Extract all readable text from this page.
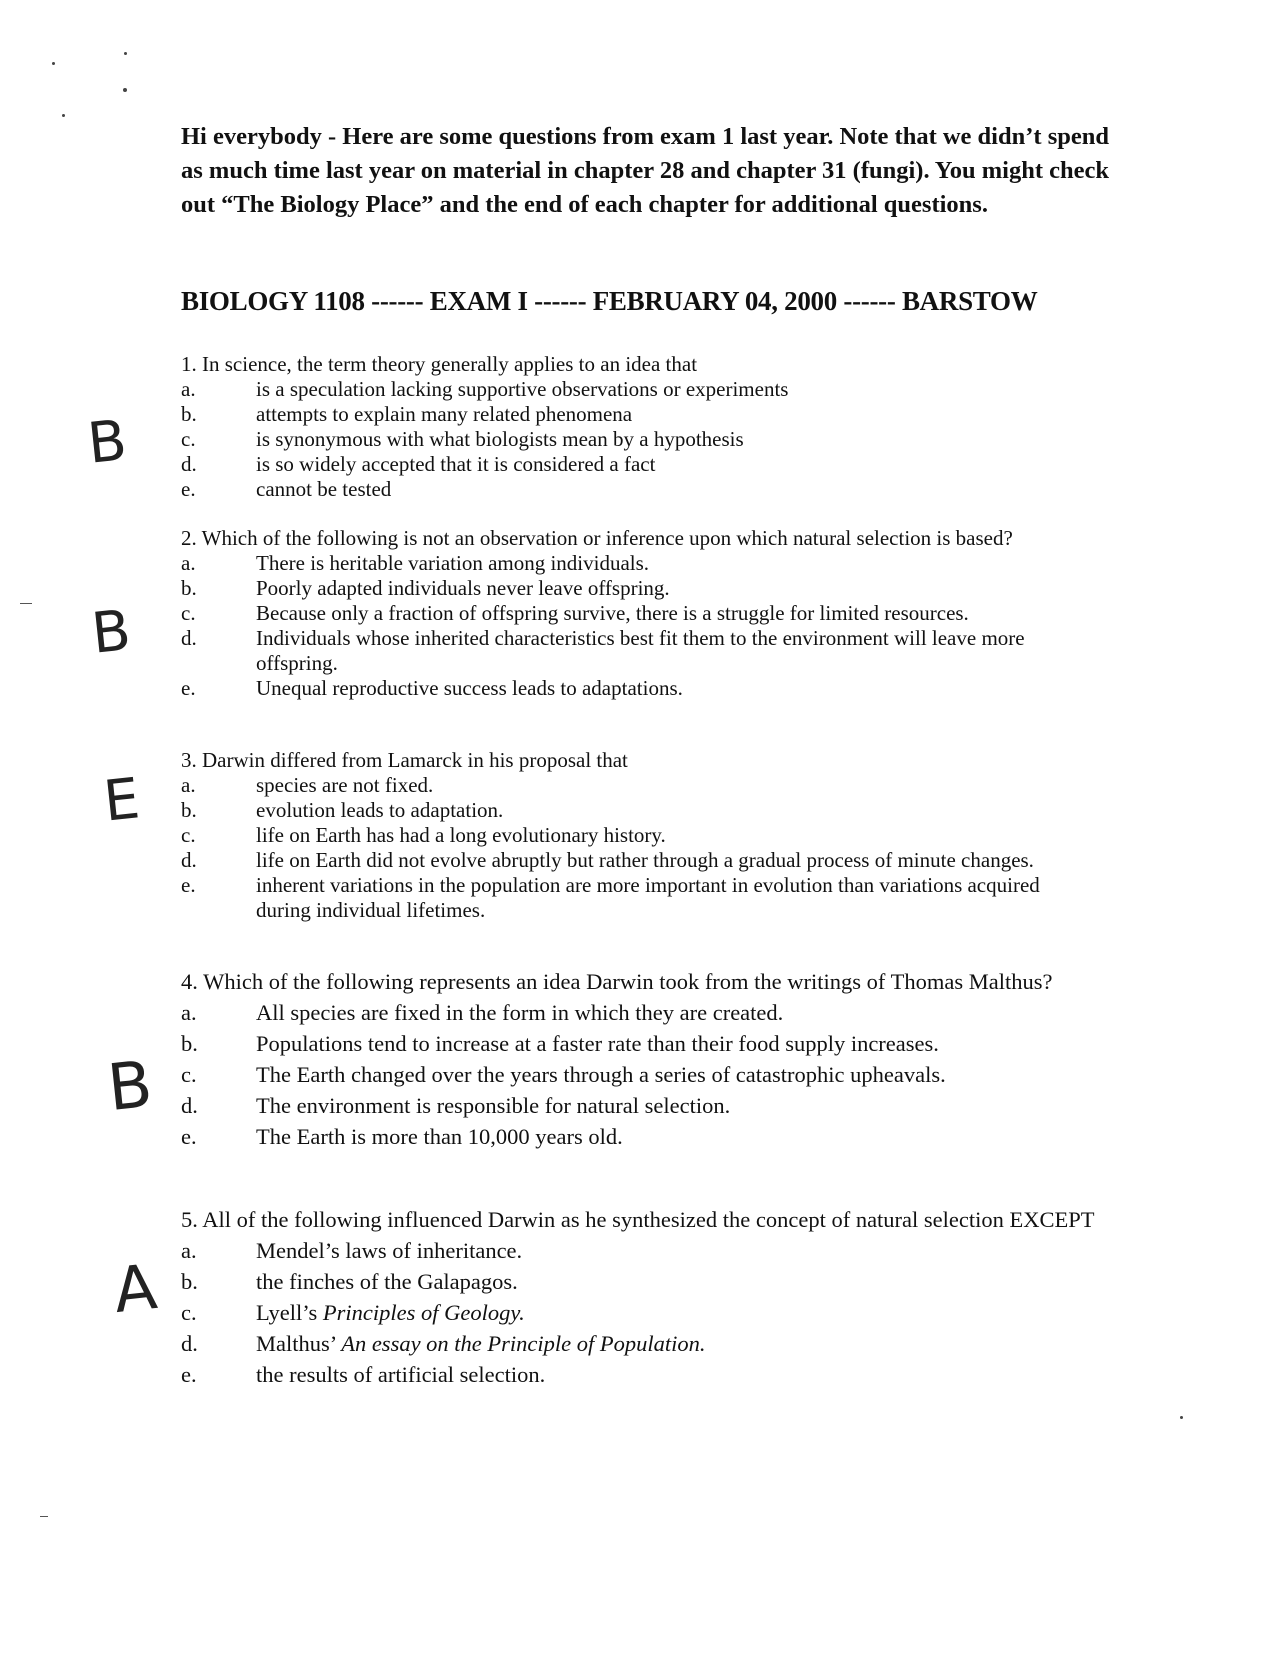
Hi everybody - Here are some questions from exam 1 last year. Note that we didn’t spend as much time last year on material in chapter 28 and chapter 31 (fungi). You might check out “The Biology Place” and the end of each chapter for additional questions.
BIOLOGY 1108 ------ EXAM I ------ FEBRUARY 04, 2000 ------ BARSTOW
1. In science, the term theory generally applies to an idea that
a.	is a speculation lacking supportive observations or experiments
b.	attempts to explain many related phenomena
c.	is synonymous with what biologists mean by a hypothesis
d.	is so widely accepted that it is considered a fact
e.	cannot be tested
B
2. Which of the following is not an observation or inference upon which natural selection is based?
a.	There is heritable variation among individuals.
b.	Poorly adapted individuals never leave offspring.
c.	Because only a fraction of offspring survive, there is a struggle for limited resources.
d.	Individuals whose inherited characteristics best fit them to the environment will leave more offspring.
e.	Unequal reproductive success leads to adaptations.
B
3. Darwin differed from Lamarck in his proposal that
a.	species are not fixed.
b.	evolution leads to adaptation.
c.	life on Earth has had a long evolutionary history.
d.	life on Earth did not evolve abruptly but rather through a gradual process of minute changes.
e.	inherent variations in the population are more important in evolution than variations acquired during individual lifetimes.
E
4. Which of the following represents an idea Darwin took from the writings of Thomas Malthus?
a.	All species are fixed in the form in which they are created.
b.	Populations tend to increase at a faster rate than their food supply increases.
c.	The Earth changed over the years through a series of catastrophic upheavals.
d.	The environment is responsible for natural selection.
e.	The Earth is more than 10,000 years old.
B
5. All of the following influenced Darwin as he synthesized the concept of natural selection EXCEPT
a.	Mendel’s laws of inheritance.
b.	the finches of the Galapagos.
c.	Lyell’s Principles of Geology.
d.	Malthus’ An essay on the Principle of Population.
e.	the results of artificial selection.
A
